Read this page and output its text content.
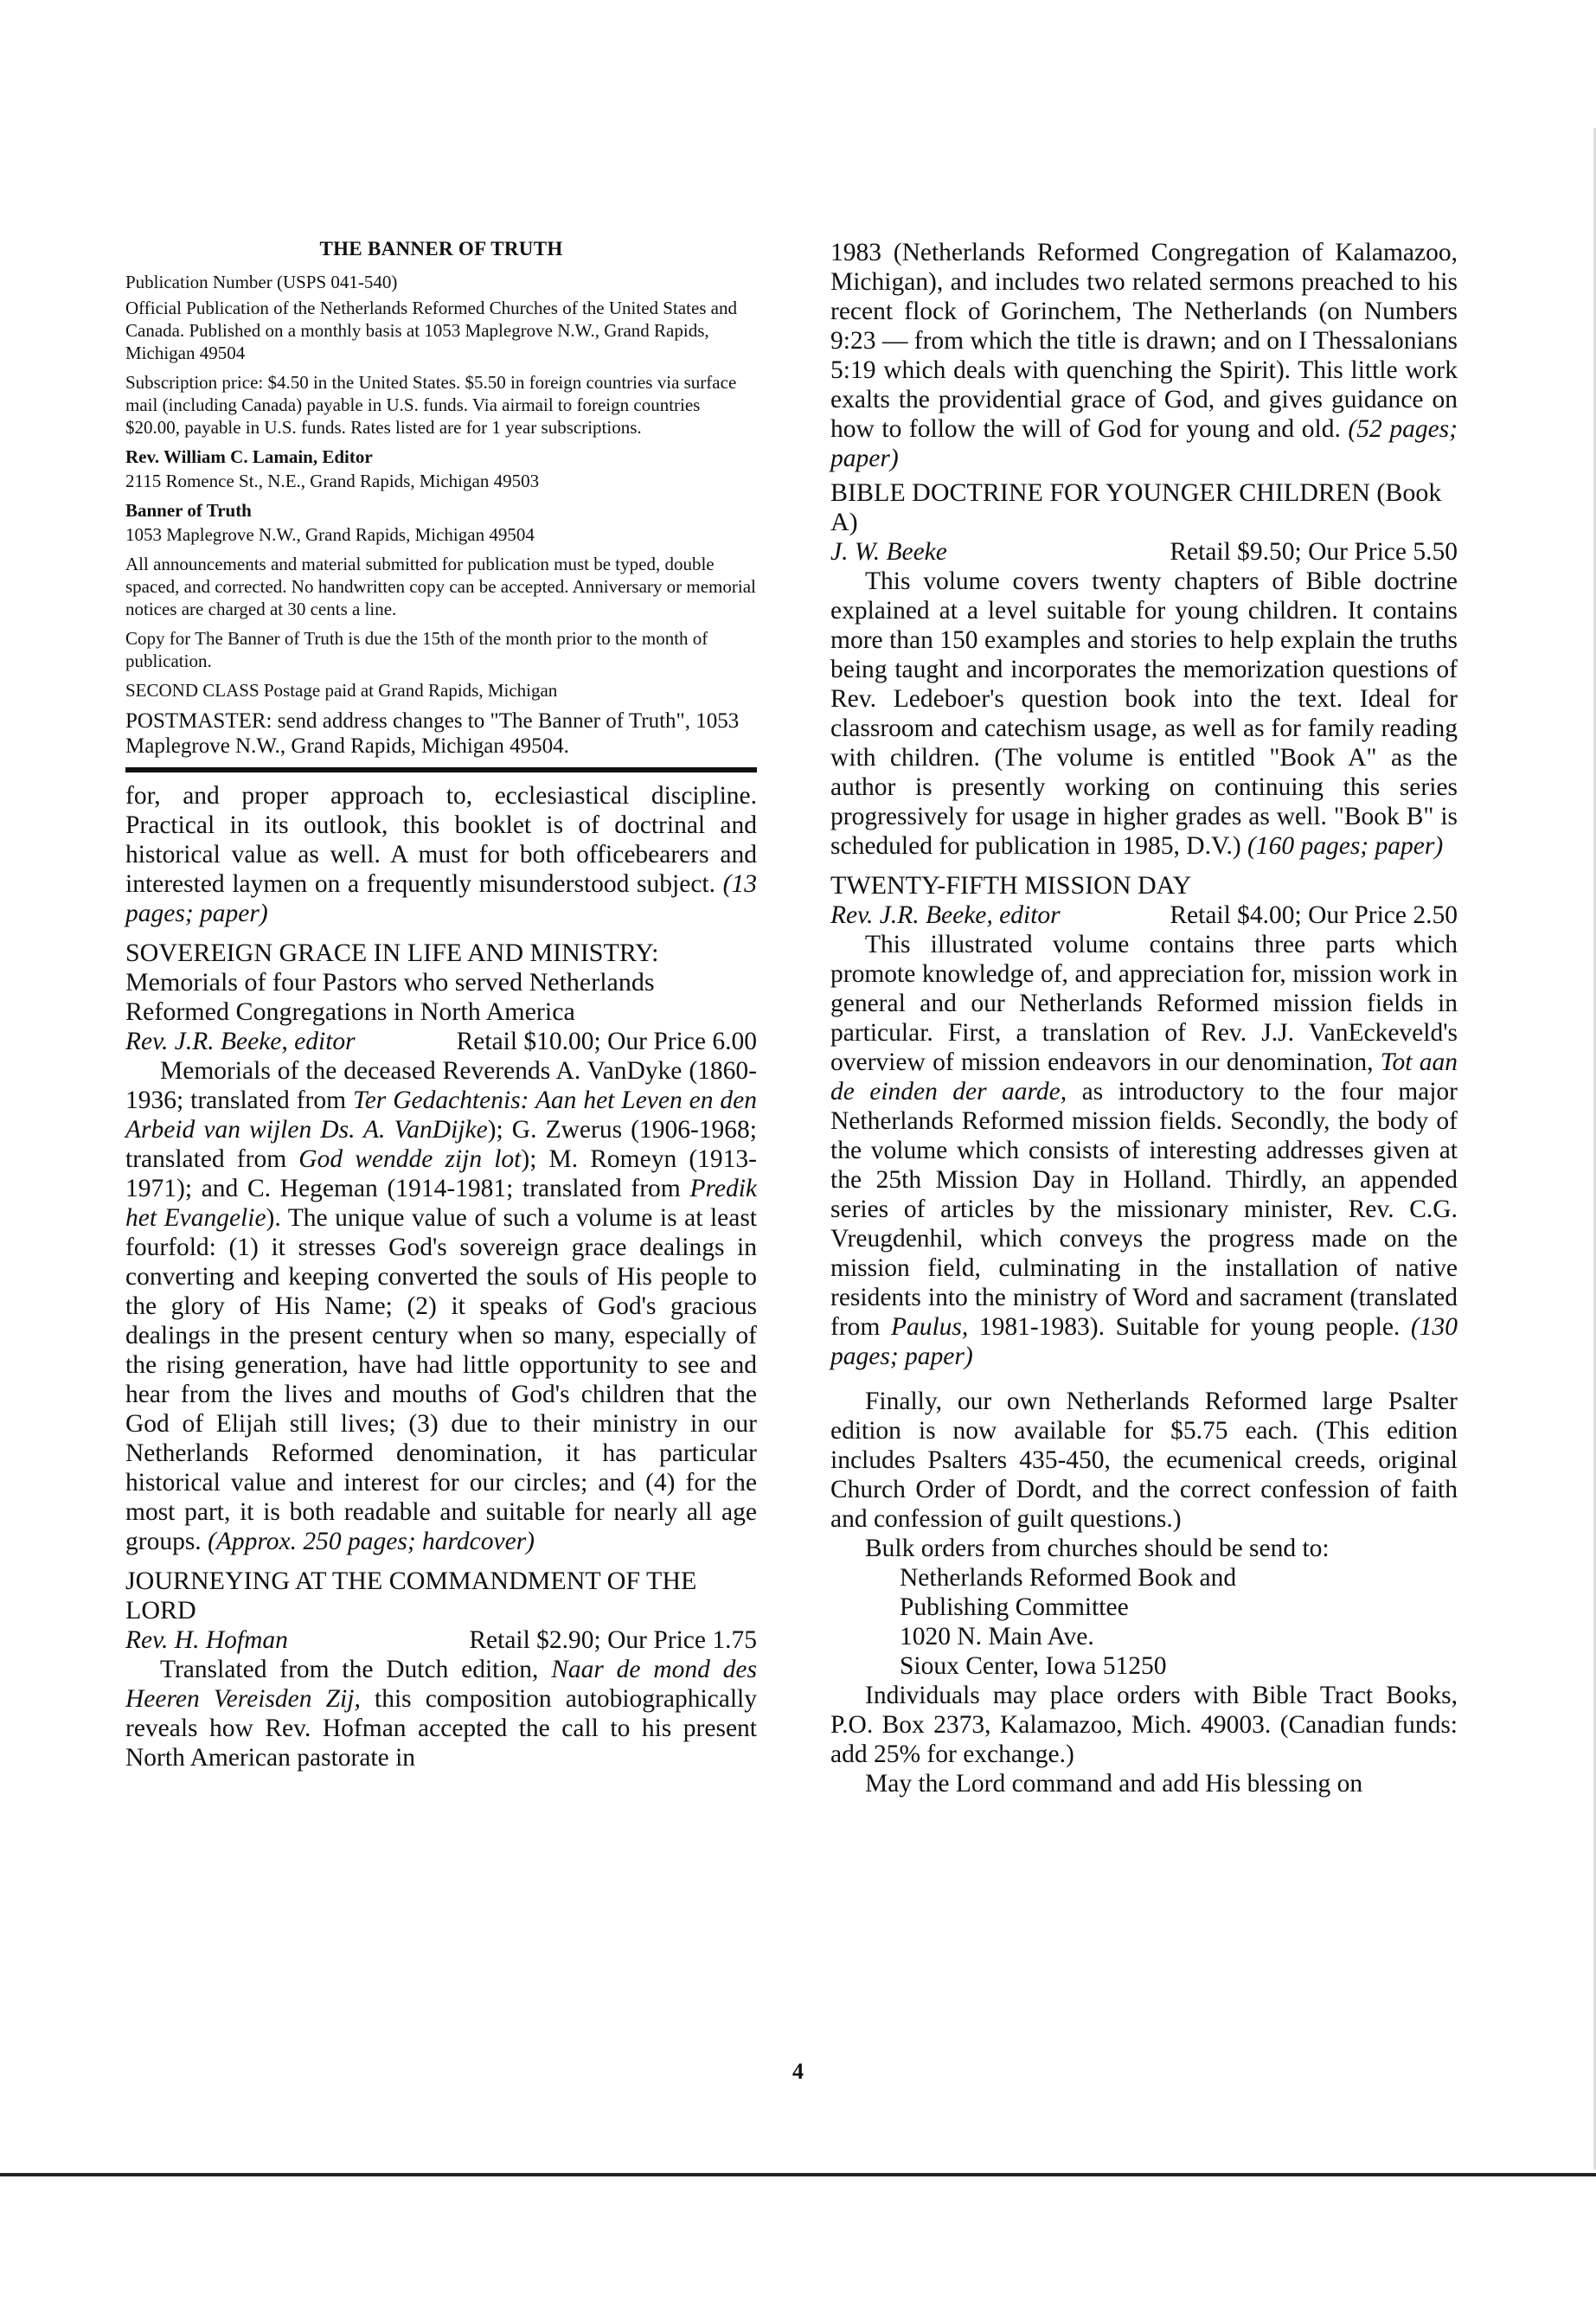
THE BANNER OF TRUTH

Publication Number (USPS 041-540)

Official Publication of the Netherlands Reformed Churches of the United States and Canada. Published on a monthly basis at 1053 Maplegrove N.W., Grand Rapids, Michigan 49504

Subscription price: $4.50 in the United States. $5.50 in foreign countries via surface mail (including Canada) payable in U.S. funds. Via airmail to foreign countries $20.00, payable in U.S. funds. Rates listed are for 1 year subscriptions.

Rev. William C. Lamain, Editor

2115 Romence St., N.E., Grand Rapids, Michigan 49503

Banner of Truth

1053 Maplegrove N.W., Grand Rapids, Michigan 49504

All announcements and material submitted for publication must be typed, double spaced, and corrected. No handwritten copy can be accepted. Anniversary or memorial notices are charged at 30 cents a line.

Copy for The Banner of Truth is due the 15th of the month prior to the month of publication.

SECOND CLASS Postage paid at Grand Rapids, Michigan

POSTMASTER: send address changes to "The Banner of Truth", 1053 Maplegrove N.W., Grand Rapids, Michigan 49504.

for, and proper approach to, ecclesiastical discipline. Practical in its outlook, this booklet is of doctrinal and historical value as well. A must for both officebearers and interested laymen on a frequently misunderstood subject. (13 pages; paper)

SOVEREIGN GRACE IN LIFE AND MINISTRY: Memorials of four Pastors who served Netherlands Reformed Congregations in North America
Rev. J.R. Beeke, editor	Retail $10.00; Our Price 6.00

Memorials of the deceased Reverends A. VanDyke (1860-1936; translated from Ter Gedachtenis: Aan het Leven en den Arbeid van wijlen Ds. A. VanDijke); G. Zwerus (1906-1968; translated from God wendde zijn lot); M. Romeyn (1913-1971); and C. Hegeman (1914-1981; translated from Predik het Evangelie). The unique value of such a volume is at least fourfold: (1) it stresses God's sovereign grace dealings in converting and keeping converted the souls of His people to the glory of His Name; (2) it speaks of God's gracious dealings in the present century when so many, especially of the rising generation, have had little opportunity to see and hear from the lives and mouths of God's children that the God of Elijah still lives; (3) due to their ministry in our Netherlands Reformed denomination, it has particular historical value and interest for our circles; and (4) for the most part, it is both readable and suitable for nearly all age groups. (Approx. 250 pages; hardcover)

JOURNEYING AT THE COMMANDMENT OF THE LORD
Rev. H. Hofman	Retail $2.90; Our Price 1.75

Translated from the Dutch edition, Naar de mond des Heeren Vereisden Zij, this composition autobiographically reveals how Rev. Hofman accepted the call to his present North American pastorate in

1983 (Netherlands Reformed Congregation of Kalamazoo, Michigan), and includes two related sermons preached to his recent flock of Gorinchem, The Netherlands (on Numbers 9:23 — from which the title is drawn; and on I Thessalonians 5:19 which deals with quenching the Spirit). This little work exalts the providential grace of God, and gives guidance on how to follow the will of God for young and old. (52 pages; paper)

BIBLE DOCTRINE FOR YOUNGER CHILDREN (Book A)
J. W. Beeke	Retail $9.50; Our Price 5.50

This volume covers twenty chapters of Bible doctrine explained at a level suitable for young children. It contains more than 150 examples and stories to help explain the truths being taught and incorporates the memorization questions of Rev. Ledeboer's question book into the text. Ideal for classroom and catechism usage, as well as for family reading with children. (The volume is entitled "Book A" as the author is presently working on continuing this series progressively for usage in higher grades as well. "Book B" is scheduled for publication in 1985, D.V.) (160 pages; paper)

TWENTY-FIFTH MISSION DAY
Rev. J.R. Beeke, editor	Retail $4.00; Our Price 2.50

This illustrated volume contains three parts which promote knowledge of, and appreciation for, mission work in general and our Netherlands Reformed mission fields in particular. First, a translation of Rev. J.J. VanEckeveld's overview of mission endeavors in our denomination, Tot aan de einden der aarde, as introductory to the four major Netherlands Reformed mission fields. Secondly, the body of the volume which consists of interesting addresses given at the 25th Mission Day in Holland. Thirdly, an appended series of articles by the missionary minister, Rev. C.G. Vreugdenhil, which conveys the progress made on the mission field, culminating in the installation of native residents into the ministry of Word and sacrament (translated from Paulus, 1981-1983). Suitable for young people. (130 pages; paper)

Finally, our own Netherlands Reformed large Psalter edition is now available for $5.75 each. (This edition includes Psalters 435-450, the ecumenical creeds, original Church Order of Dordt, and the correct confession of faith and confession of guilt questions.)

Bulk orders from churches should be send to:

Netherlands Reformed Book and
Publishing Committee
1020 N. Main Ave.
Sioux Center, Iowa 51250

Individuals may place orders with Bible Tract Books, P.O. Box 2373, Kalamazoo, Mich. 49003. (Canadian funds: add 25% for exchange.)

May the Lord command and add His blessing on

4
